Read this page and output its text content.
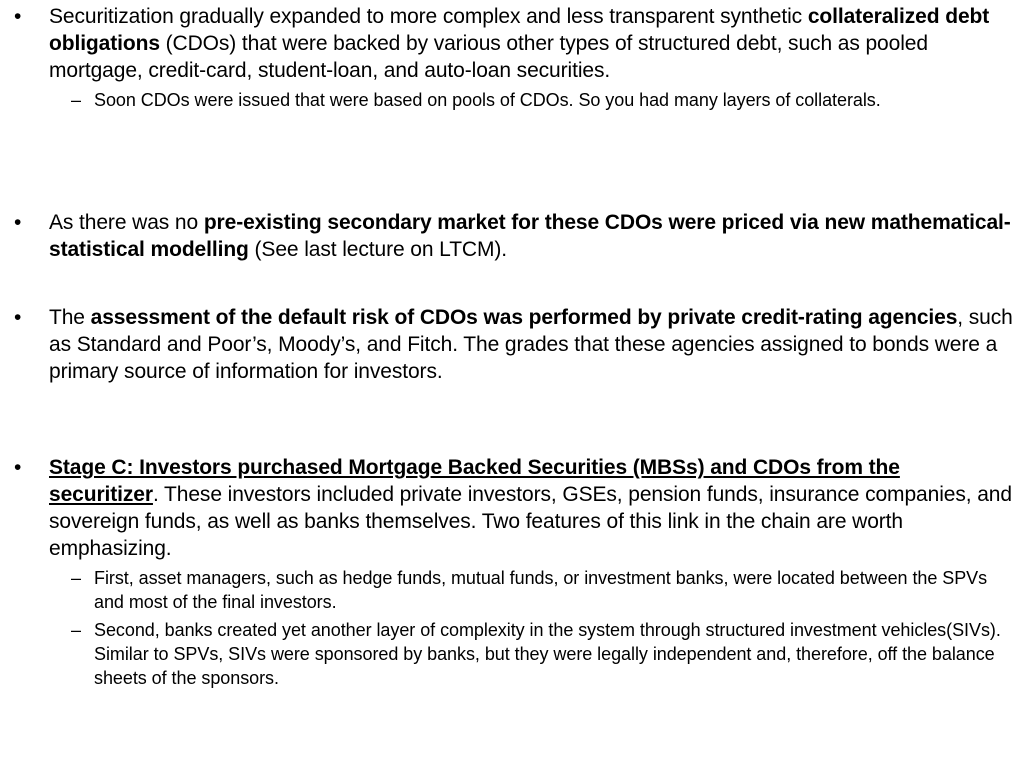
•	Securitization gradually expanded to more complex and less transparent synthetic collateralized debt obligations (CDOs) that were backed by various other types of structured debt, such as pooled mortgage, credit-card, student-loan, and auto-loan securities.
– Soon CDOs were issued that were based on pools of CDOs. So you had many layers of collaterals.
•	As there was no pre-existing secondary market for these CDOs were priced via new mathematical-statistical modelling (See last lecture on LTCM).
•	The assessment of the default risk of CDOs was performed by private credit-rating agencies, such as Standard and Poor’s, Moody’s, and Fitch. The grades that these agencies assigned to bonds were a primary source of information for investors.
•	Stage C: Investors purchased Mortgage Backed Securities (MBSs) and CDOs from the securitizer. These investors included private investors, GSEs, pension funds, insurance companies, and sovereign funds, as well as banks themselves. Two features of this link in the chain are worth emphasizing.
– First, asset managers, such as hedge funds, mutual funds, or investment banks, were located between the SPVs and most of the final investors.
– Second, banks created yet another layer of complexity in the system through structured investment vehicles(SIVs). Similar to SPVs, SIVs were sponsored by banks, but they were legally independent and, therefore, off the balance sheets of the sponsors.
